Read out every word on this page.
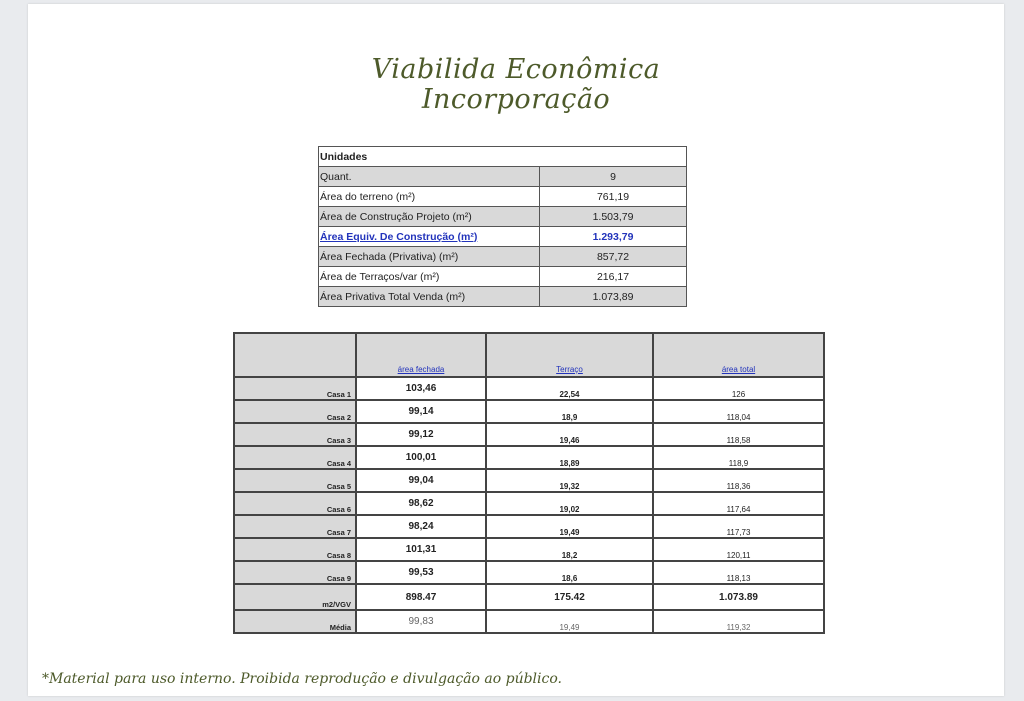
Viabilida Econômica
Incorporação
Unidades	
Quant.	9
Área do terreno (m²)	761,19
Área de Construção Projeto (m²)	1.503,79
Área Equiv. De Construção (m²)	1.293,79
Área Fechada (Privativa) (m²)	857,72
Área de Terraços/var (m²)	216,17
Área Privativa Total Venda (m²)	1.073,89
	área fechada	Terraço	área total
Casa 1	103,46	22,54	126
Casa 2	99,14	18,9	118,04
Casa 3	99,12	19,46	118,58
Casa 4	100,01	18,89	118,9
Casa 5	99,04	19,32	118,36
Casa 6	98,62	19,02	117,64
Casa 7	98,24	19,49	117,73
Casa 8	101,31	18,2	120,11
Casa 9	99,53	18,6	118,13
m2/VGV	898.47	175.42	1.073.89
Média	99,83	19,49	119,32
*Material para uso interno. Proibida reprodução e divulgação ao público.
